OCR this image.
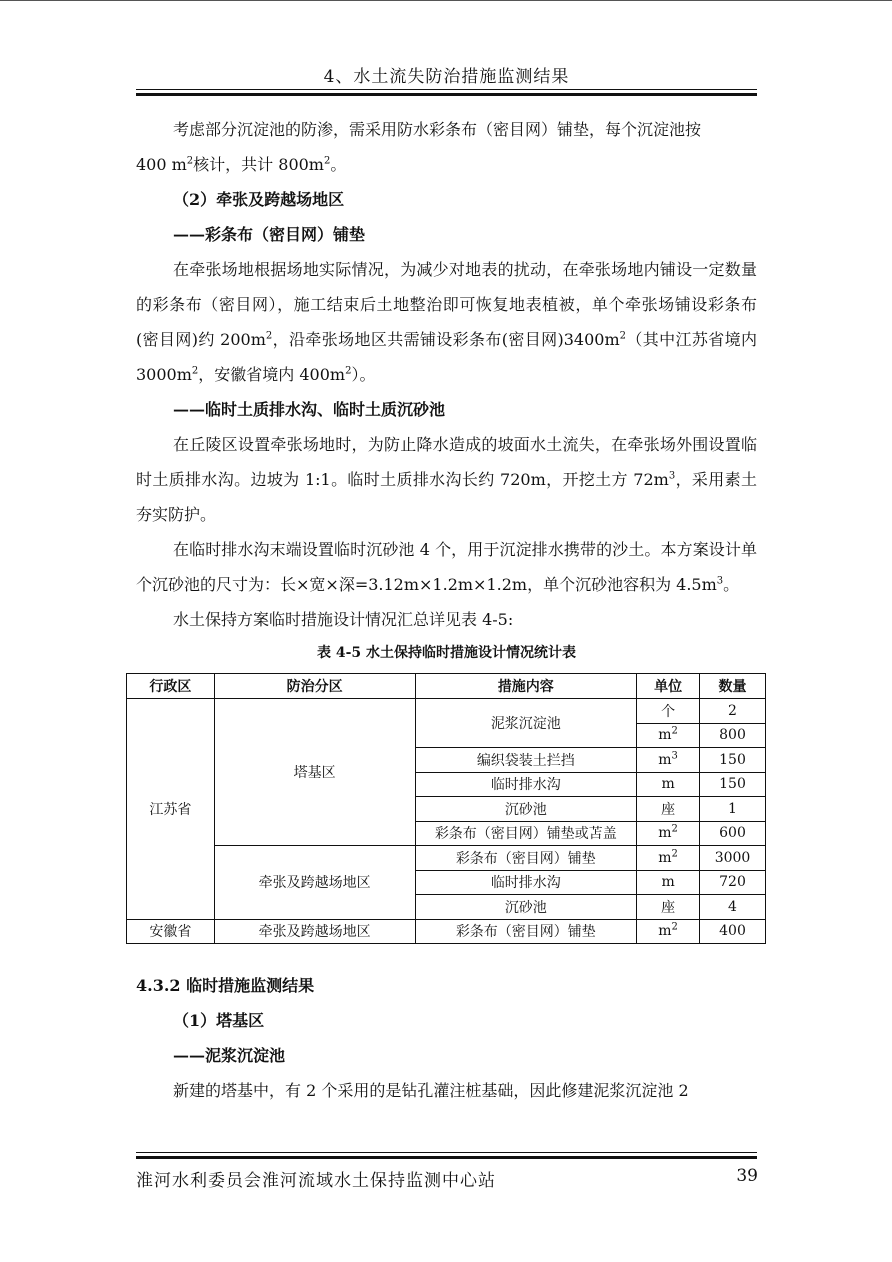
4、水土流失防治措施监测结果

考虑部分沉淀池的防渗，需采用防水彩条布（密目网）铺垫，每个沉淀池按

400 $m^2$核计，共计 $800m^2$。

（2）牵张及跨越场地区
——彩条布（密目网）铺垫

在牵张场地根据场地实际情况，为减少对地表的扰动，在牵张场地内铺设一定数量的彩条布（密目网），施工结束后土地整治即可恢复地表植被，单个牵张场铺设彩条布(密目网)约 $200m^2$，沿牵张场地区共需铺设彩条布(密目网)$3400m^2$（其中江苏省境内 $3000m^2$，安徽省境内 $400m^2$）。

——临时土质排水沟、临时土质沉砂池

在丘陵区设置牵张场地时，为防止降水造成的坡面水土流失，在牵张场外围设置临时土质排水沟。边坡为 1:1。临时土质排水沟长约 720m，开挖土方 $72m^3$，采用素土夯实防护。

在临时排水沟末端设置临时沉砂池 4 个，用于沉淀排水携带的沙土。本方案设计单个沉砂池的尺寸为：长×宽×深=3.12m×1.2m×1.2m，单个沉砂池容积为 $4.5m^3$。

水土保持方案临时措施设计情况汇总详见表 4-5:

表 4-5 水土保持临时措施设计情况统计表
行政区	防治分区	措施内容	单位	数量
江苏省	塔基区	泥浆沉淀池	个	2
			$m^2$	800
		编织袋装土拦挡	$m^3$	150
		临时排水沟	m	150
		沉砂池	座	1
		彩条布（密目网）铺垫或苫盖	$m^2$	600
	牵张及跨越场地区	彩条布（密目网）铺垫	$m^2$	3000
		临时排水沟	m	720
		沉砂池	座	4
安徽省	牵张及跨越场地区	彩条布（密目网）铺垫	$m^2$	400
4.3.2 临时措施监测结果
（1）塔基区
——泥浆沉淀池

新建的塔基中，有 2 个采用的是钻孔灌注桩基础，因此修建泥浆沉淀池 2

淮河水利委员会淮河流域水土保持监测中心站	39
